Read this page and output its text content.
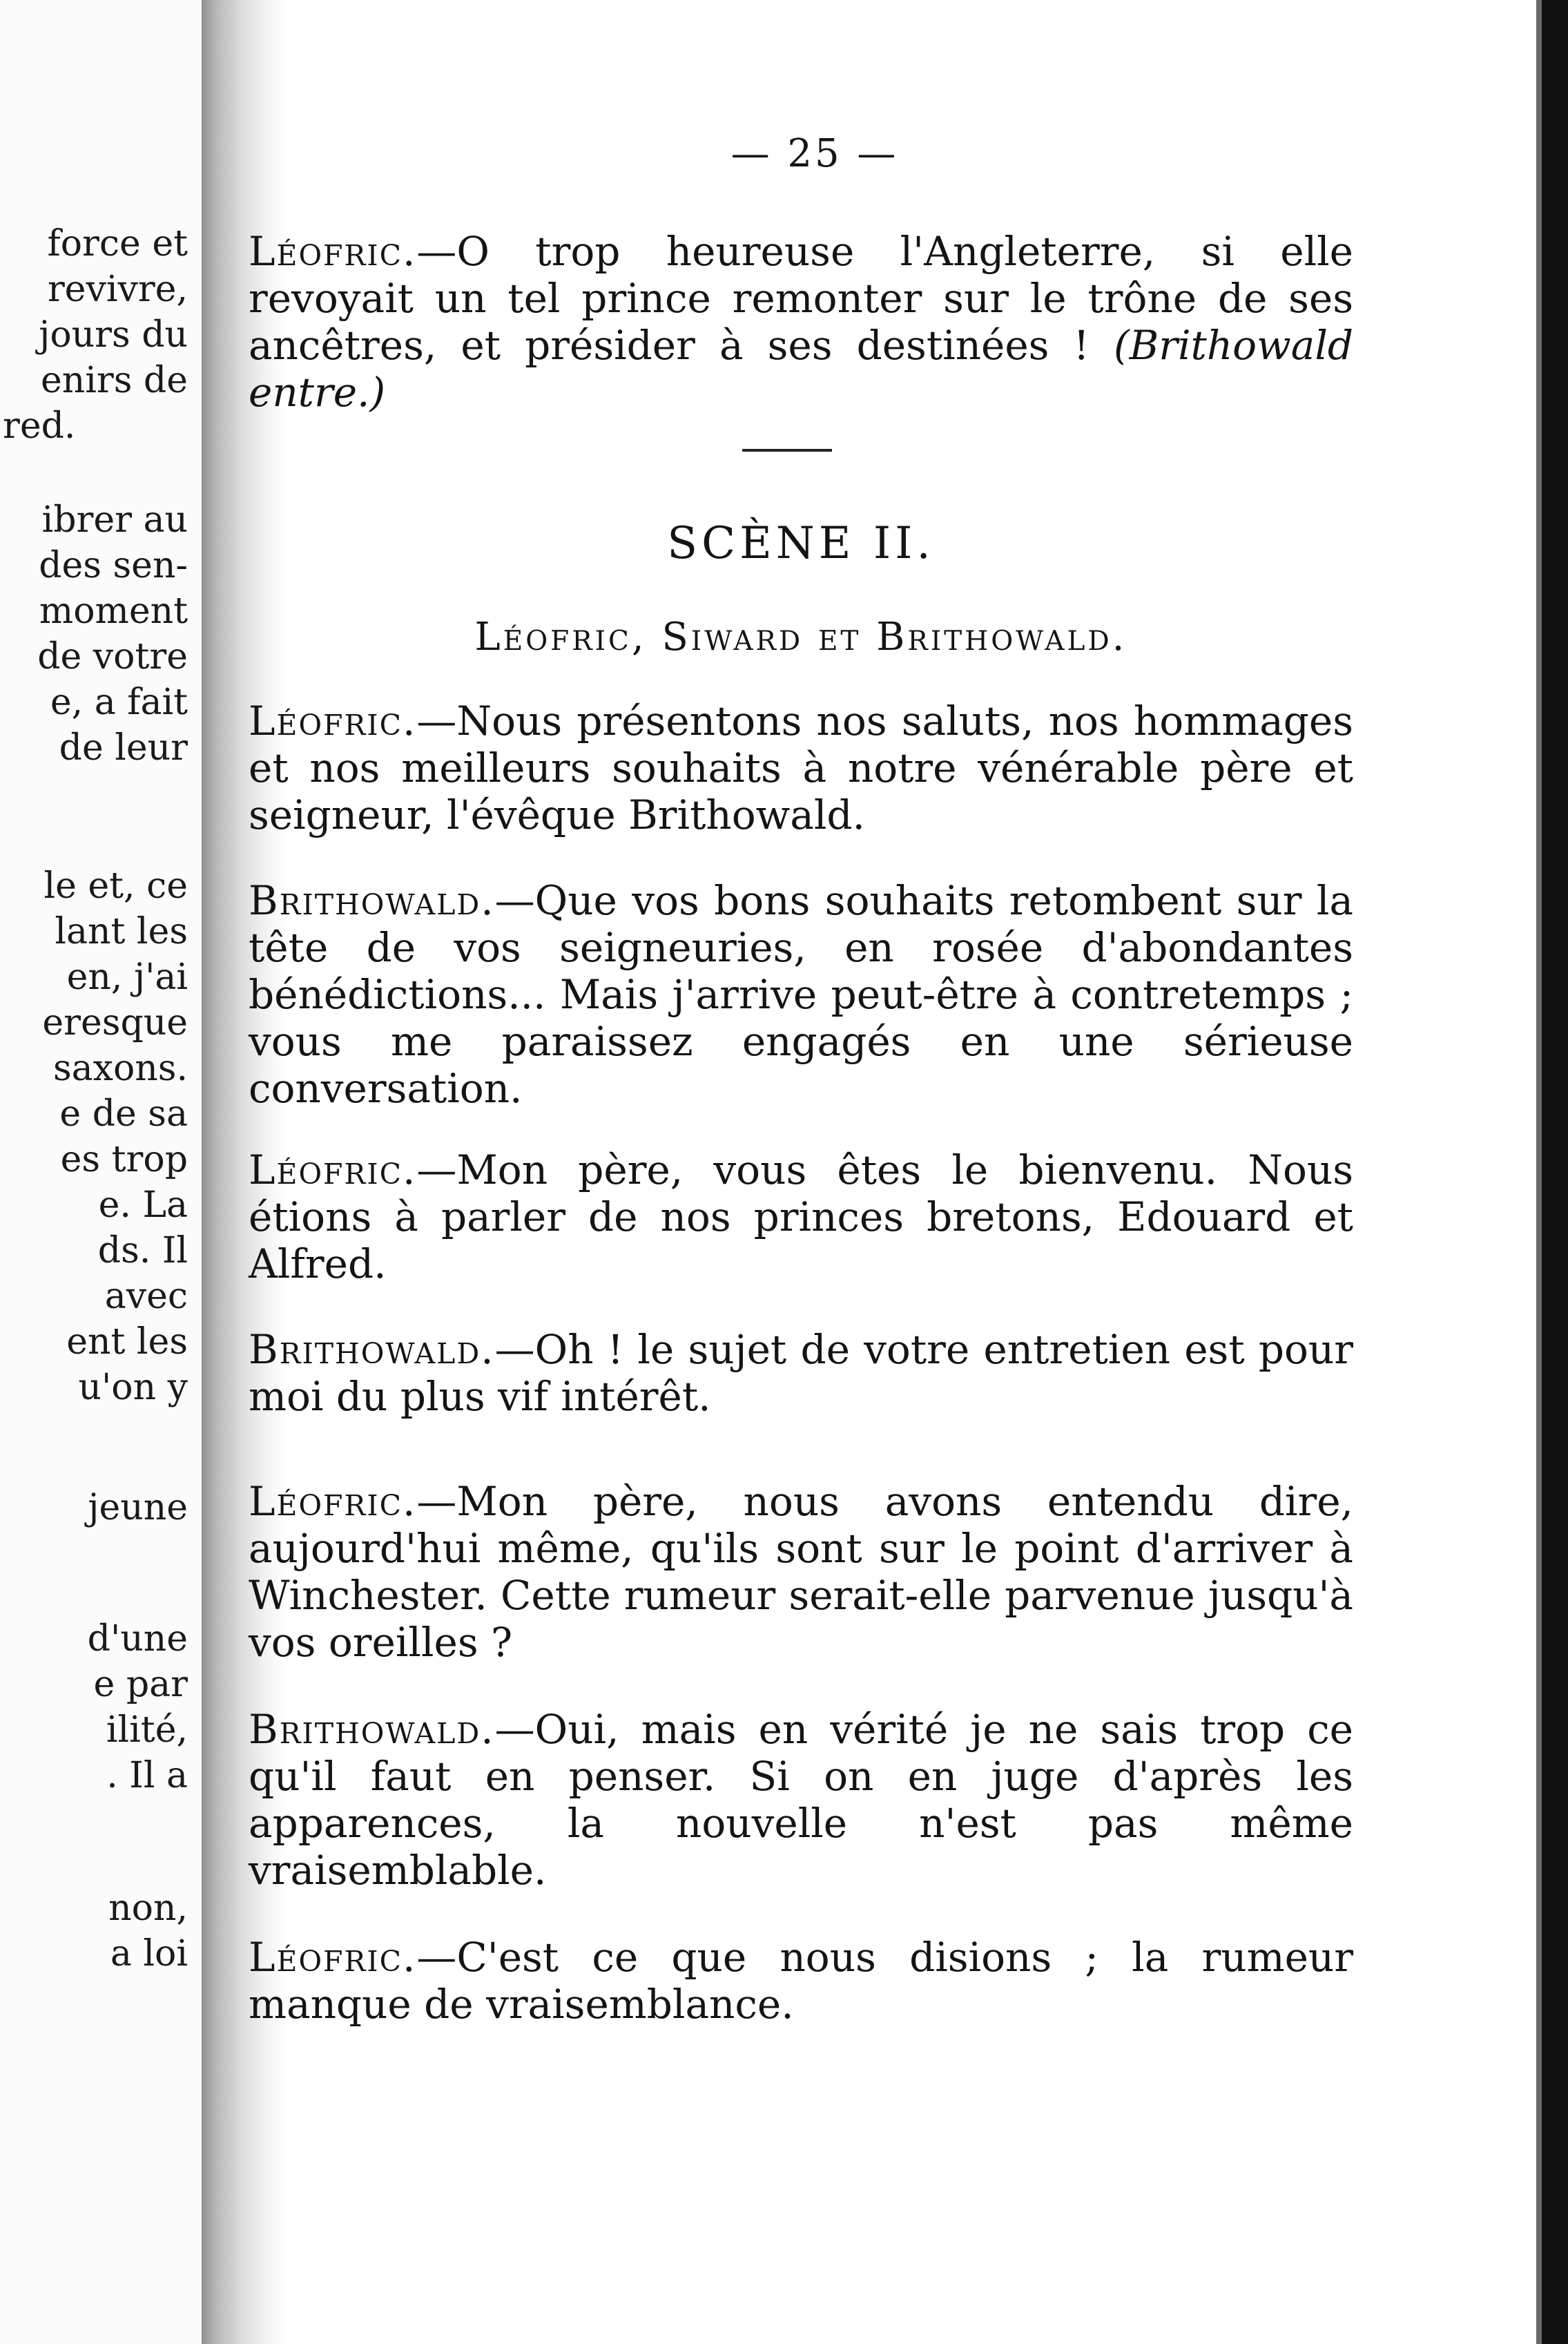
force et
revivre,
jours du
enirs de
red.
ibrer au
des sen-
moment
de votre
e, a fait
de leur
le et, ce
lant les
en, j'ai
eresque
saxons.
e de sa
es trop
e. La
ds. Il
avec
ent les
u'on y
jeune
d'une
e par
ilité,
. Il a
non,
a loi
— 25 —

Léofric.—O trop heureuse l'Angleterre, si elle revoyait un tel prince remonter sur le trône de ses ancêtres, et présider à ses destinées ! (Brithowald entre.)

SCÈNE II.
Léofric, Siward et Brithowald.

Léofric.—Nous présentons nos saluts, nos hommages et nos meilleurs souhaits à notre vénérable père et seigneur, l'évêque Brithowald.

Brithowald.—Que vos bons souhaits retombent sur la tête de vos seigneuries, en rosée d'abondantes bénédictions... Mais j'arrive peut-être à contretemps ; vous me paraissez engagés en une sérieuse conversation.

Léofric.—Mon père, vous êtes le bienvenu. Nous étions à parler de nos princes bretons, Edouard et Alfred.

Brithowald.—Oh ! le sujet de votre entretien est pour moi du plus vif intérêt.

Léofric.—Mon père, nous avons entendu dire, aujourd'hui même, qu'ils sont sur le point d'arriver à Winchester. Cette rumeur serait-elle parvenue jusqu'à vos oreilles ?

Brithowald.—Oui, mais en vérité je ne sais trop ce qu'il faut en penser. Si on en juge d'après les apparences, la nouvelle n'est pas même vraisemblable.

Léofric.—C'est ce que nous disions ; la rumeur manque de vraisemblance.
